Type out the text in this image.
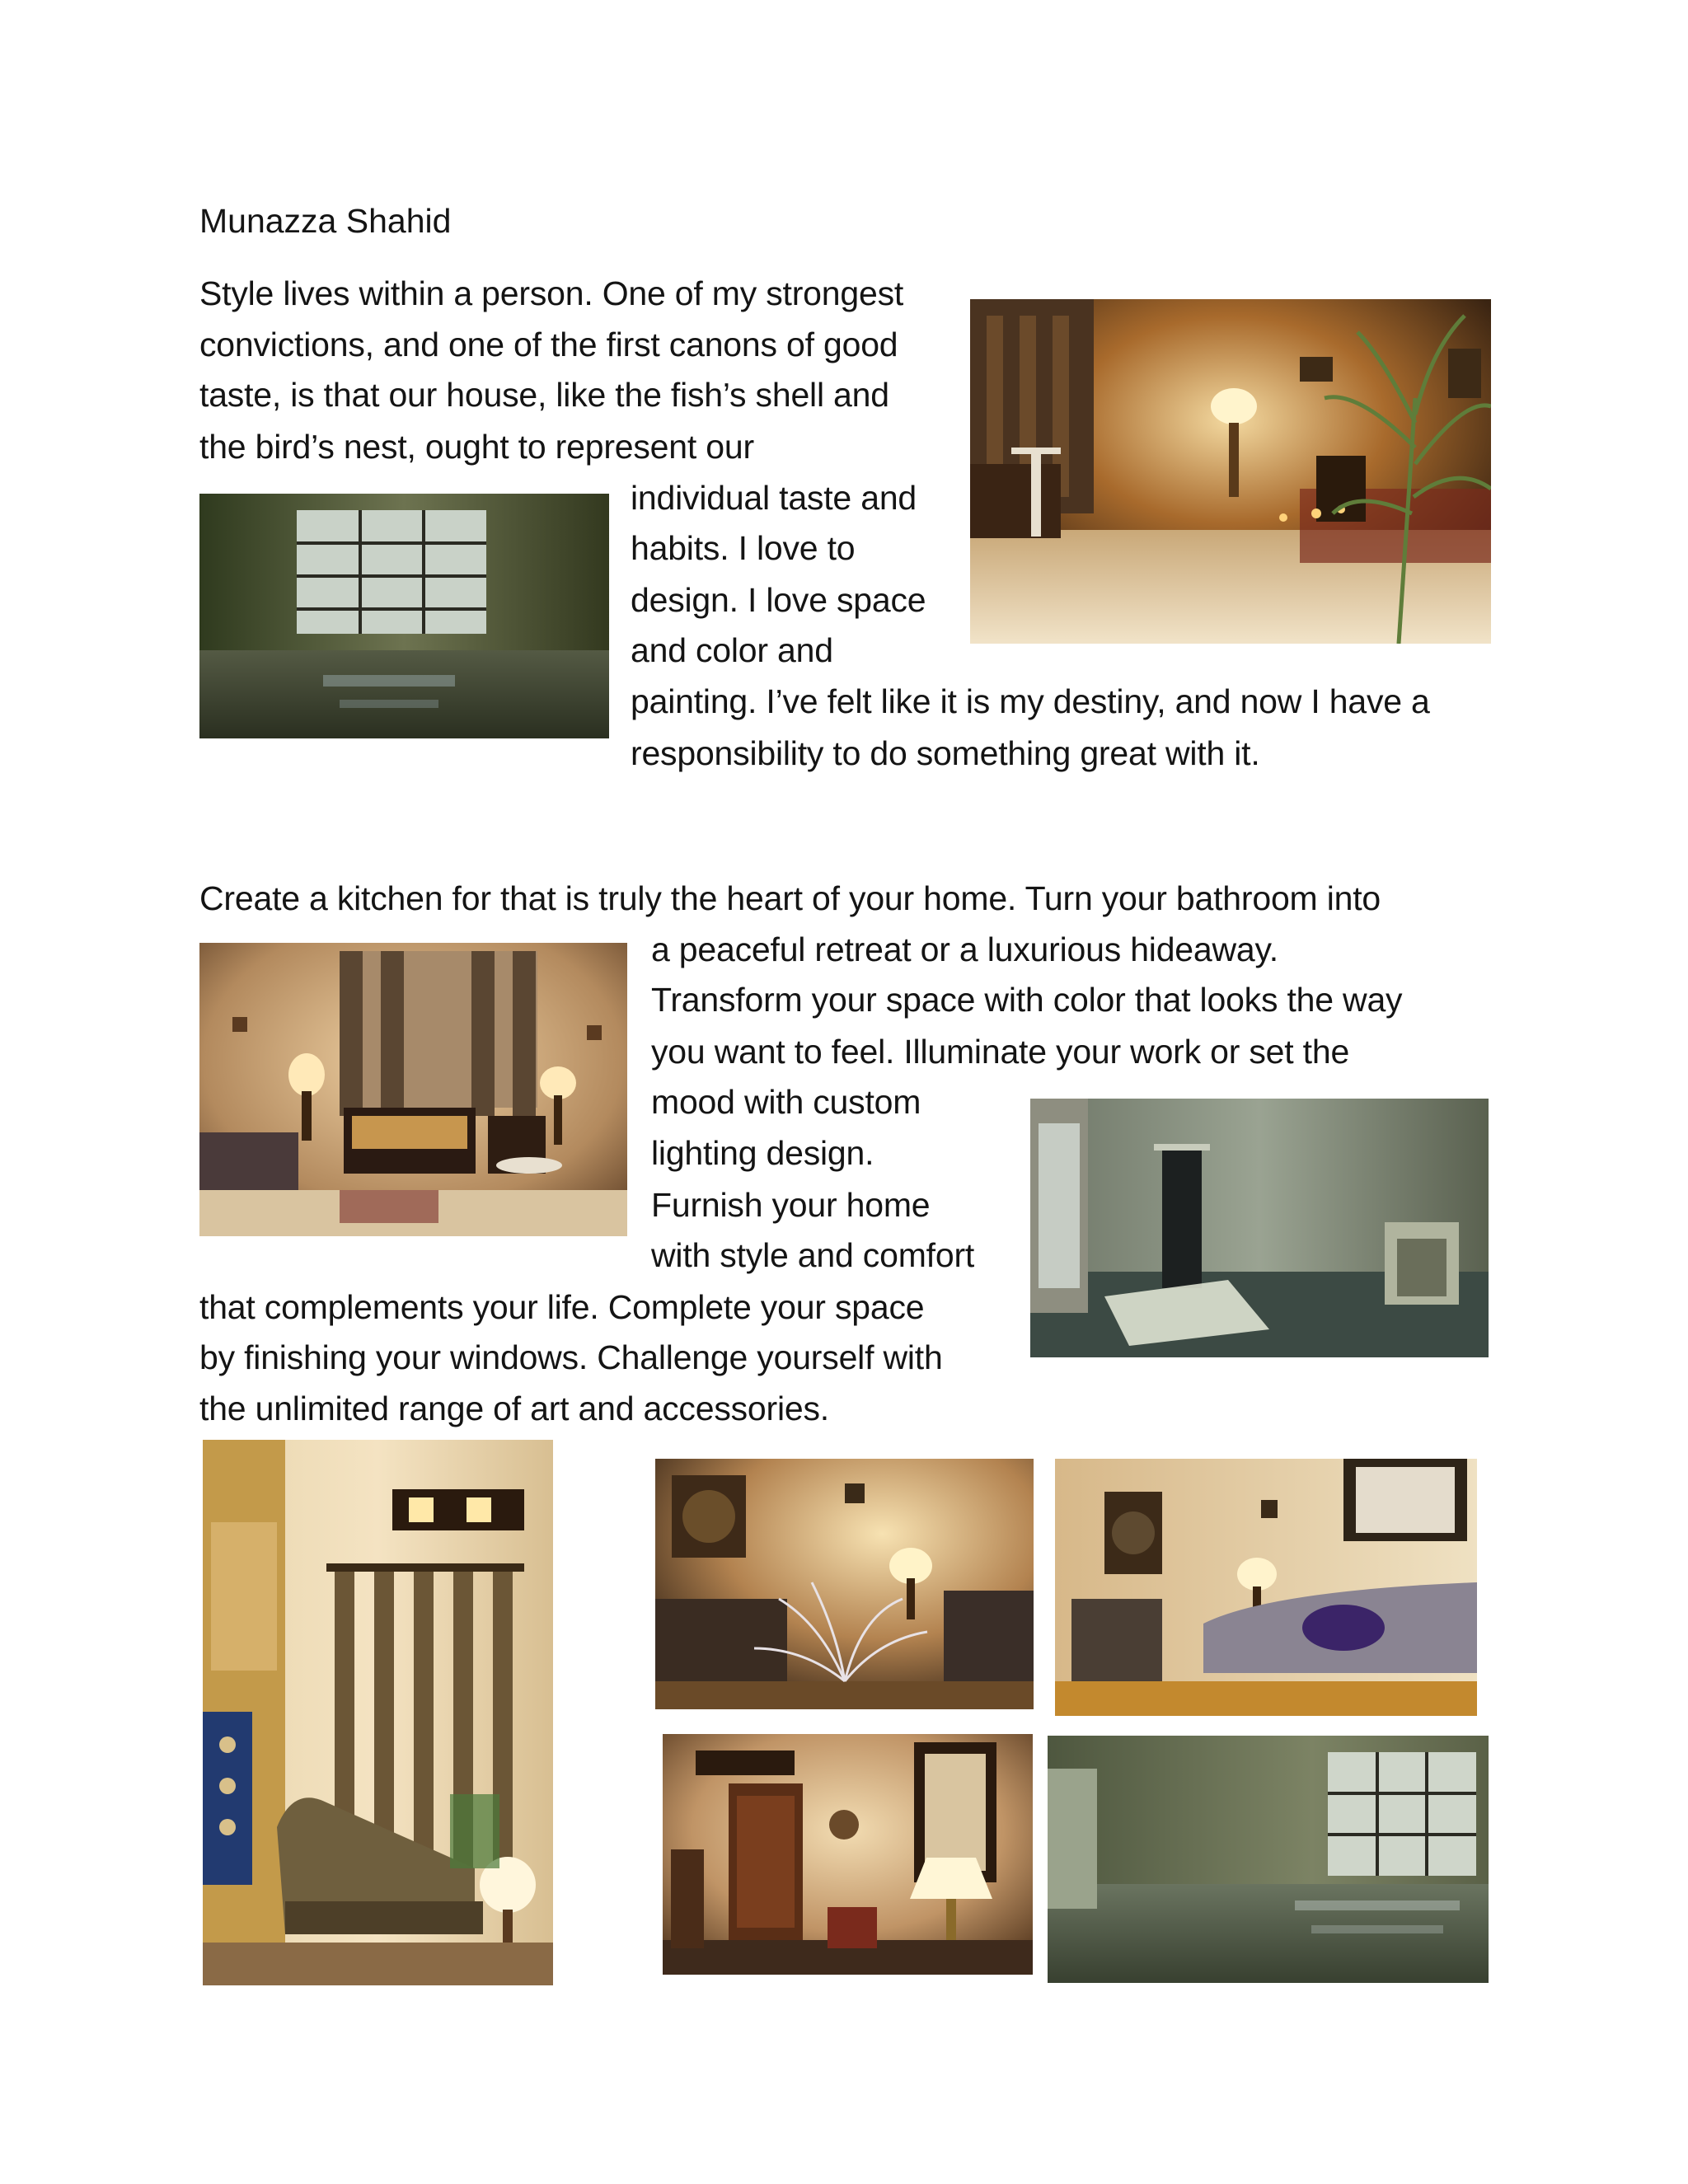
Munazza Shahid
Style lives within a person. One of my strongest
convictions, and one of the first canons of good
taste, is that our house, like the fish’s shell and
the bird’s nest, ought to represent our
individual taste and
habits. I love to
design. I love space
and color and
painting. I’ve felt like it is my destiny, and now I have a
responsibility to do something great with it.
Create a kitchen for that is truly the heart of your home. Turn your bathroom into
a peaceful retreat or a luxurious hideaway.
Transform your space with color that looks the way
you want to feel. Illuminate your work or set the
mood with custom
lighting design.
Furnish your home
with style and comfort
that complements your life. Complete your space
by finishing your windows. Challenge yourself with
the unlimited range of art and accessories.
